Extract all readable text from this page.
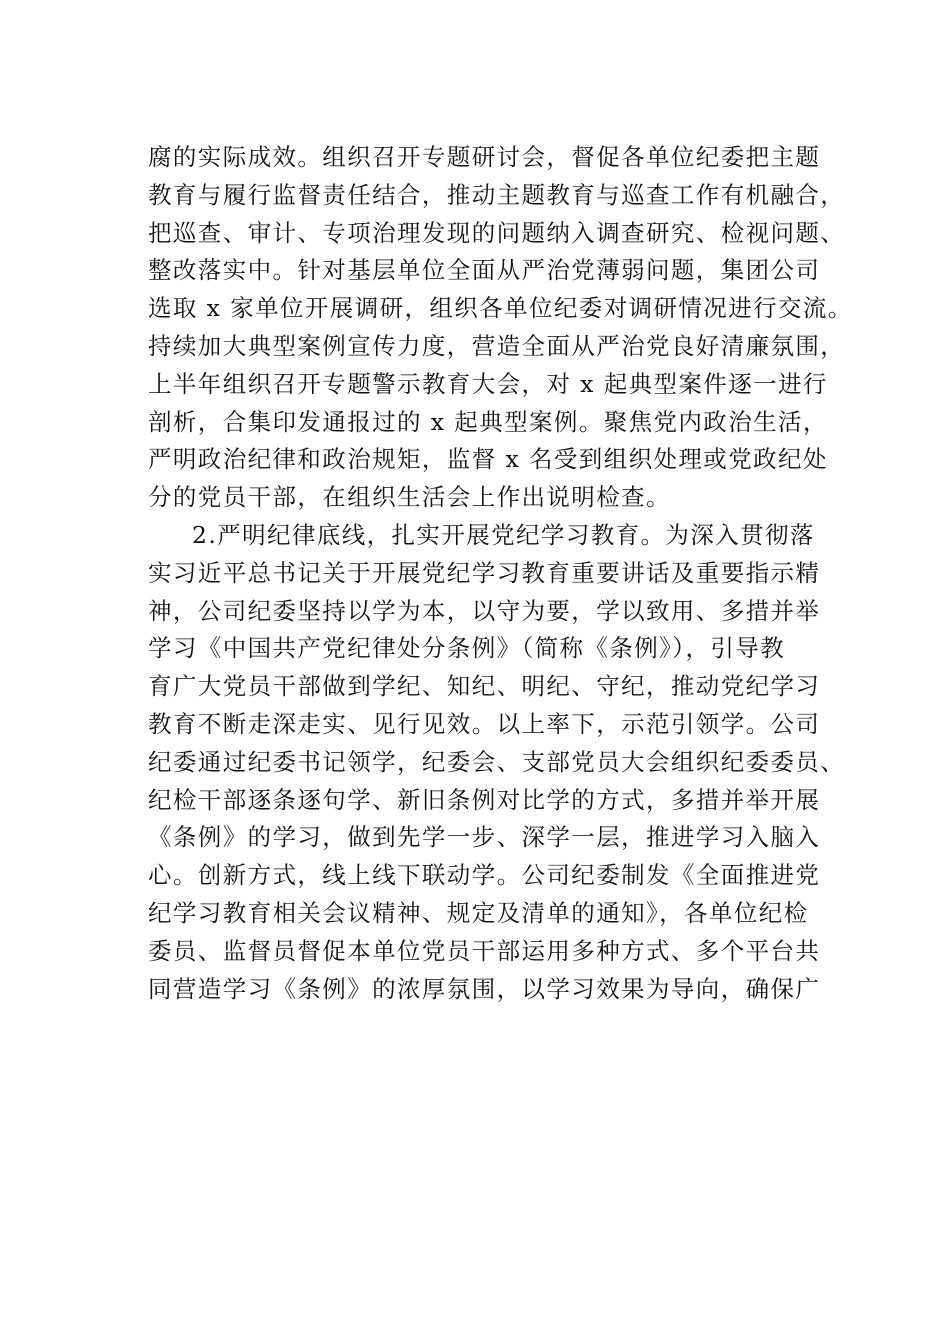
腐的实际成效。组织召开专题研讨会，督促各单位纪委把主题
教育与履行监督责任结合，推动主题教育与巡查工作有机融合，
把巡查、审计、专项治理发现的问题纳入调查研究、检视问题、
整改落实中。针对基层单位全面从严治党薄弱问题，集团公司
选取 x 家单位开展调研，组织各单位纪委对调研情况进行交流。
持续加大典型案例宣传力度，营造全面从严治党良好清廉氛围，
上半年组织召开专题警示教育大会，对 x 起典型案件逐一进行
剖析，合集印发通报过的 x 起典型案例。聚焦党内政治生活，
严明政治纪律和政治规矩，监督 x 名受到组织处理或党政纪处
分的党员干部，在组织生活会上作出说明检查。
2.严明纪律底线，扎实开展党纪学习教育。为深入贯彻落
实习近平总书记关于开展党纪学习教育重要讲话及重要指示精
神，公司纪委坚持以学为本，以守为要，学以致用、多措并举
学习《中国共产党纪律处分条例》（简称《条例》），引导教
育广大党员干部做到学纪、知纪、明纪、守纪，推动党纪学习
教育不断走深走实、见行见效。以上率下，示范引领学。公司
纪委通过纪委书记领学，纪委会、支部党员大会组织纪委委员、
纪检干部逐条逐句学、新旧条例对比学的方式，多措并举开展
《条例》的学习，做到先学一步、深学一层，推进学习入脑入
心。创新方式，线上线下联动学。公司纪委制发《全面推进党
纪学习教育相关会议精神、规定及清单的通知》，各单位纪检
委员、监督员督促本单位党员干部运用多种方式、多个平台共
同营造学习《条例》的浓厚氛围，以学习效果为导向，确保广
